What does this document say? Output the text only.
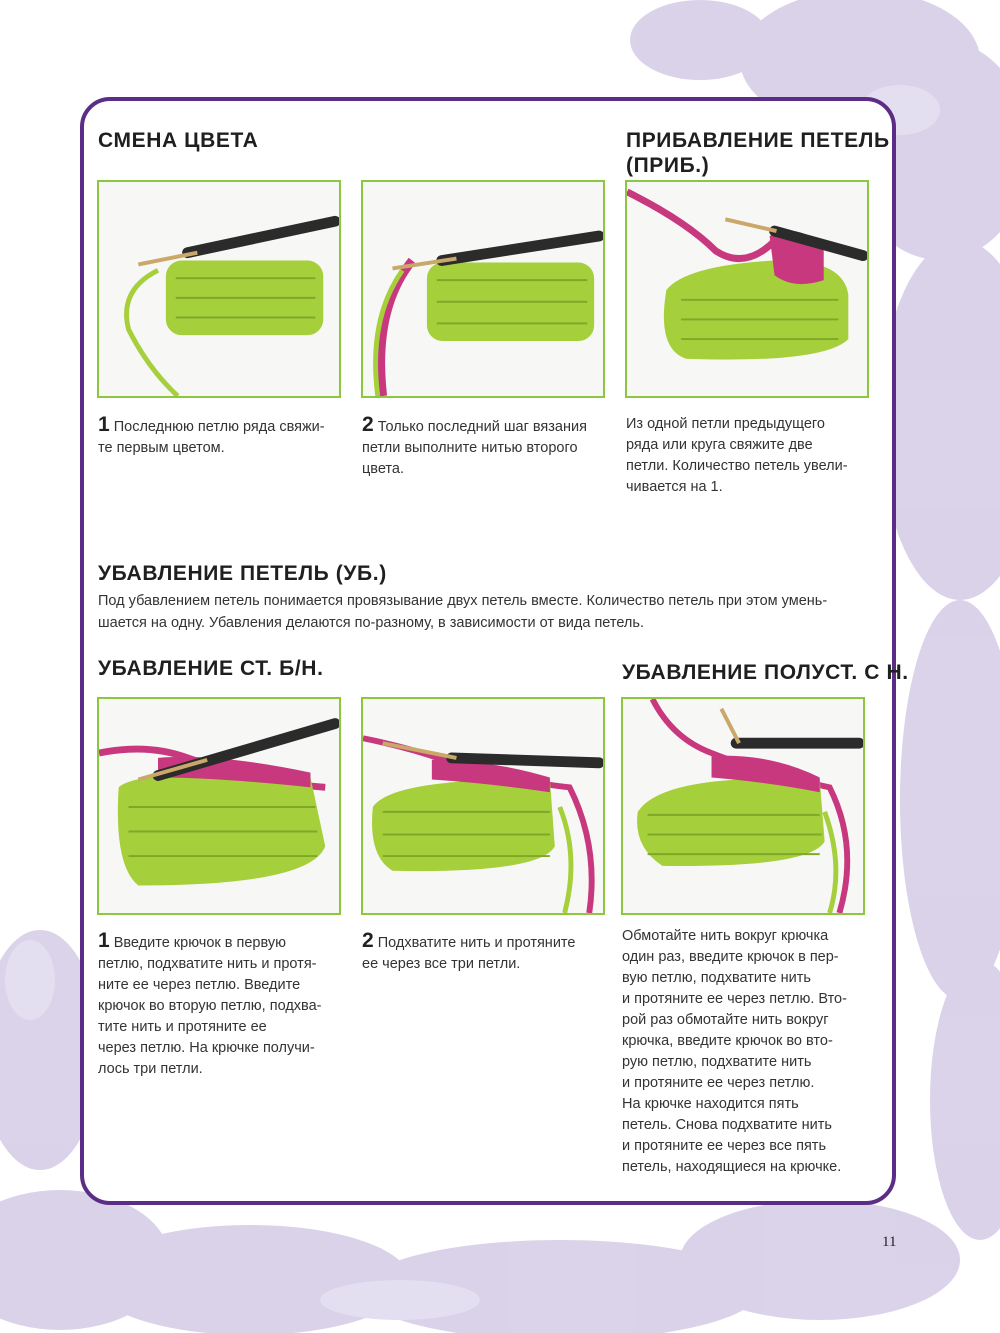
СМЕНА ЦВЕТА

1 Последнюю петлю ряда свяжи-
те первым цветом.

2 Только последний шаг вязания
петли выполните нитью второго
цвета.

ПРИБАВЛЕНИЕ ПЕТЕЛЬ
(ПРИБ.)

Из одной петли предыдущего
ряда или круга свяжите две
петли. Количество петель увели-
чивается на 1.

УБАВЛЕНИЕ ПЕТЕЛЬ (УБ.)

Под убавлением петель понимается провязывание двух петель вместе. Количество петель при этом умень-
шается на одну. Убавления делаются по-разному, в зависимости от вида петель.

УБАВЛЕНИЕ СТ. Б/Н.

1 Введите крючок в первую
петлю, подхватите нить и протя-
ните ее через петлю. Введите
крючок во вторую петлю, подхва-
тите нить и протяните ее
через петлю. На крючке получи-
лось три петли.

2 Подхватите нить и протяните
ее через все три петли.

УБАВЛЕНИЕ ПОЛУСТ. С Н.

Обмотайте нить вокруг крючка
один раз, введите крючок в пер-
вую петлю, подхватите нить
и протяните ее через петлю. Вто-
рой раз обмотайте нить вокруг
крючка, введите крючок во вто-
рую петлю, подхватите нить
и протяните ее через петлю.
На крючке находится пять
петель. Снова подхватите нить
и протяните ее через все пять
петель, находящиеся на крючке.

11
